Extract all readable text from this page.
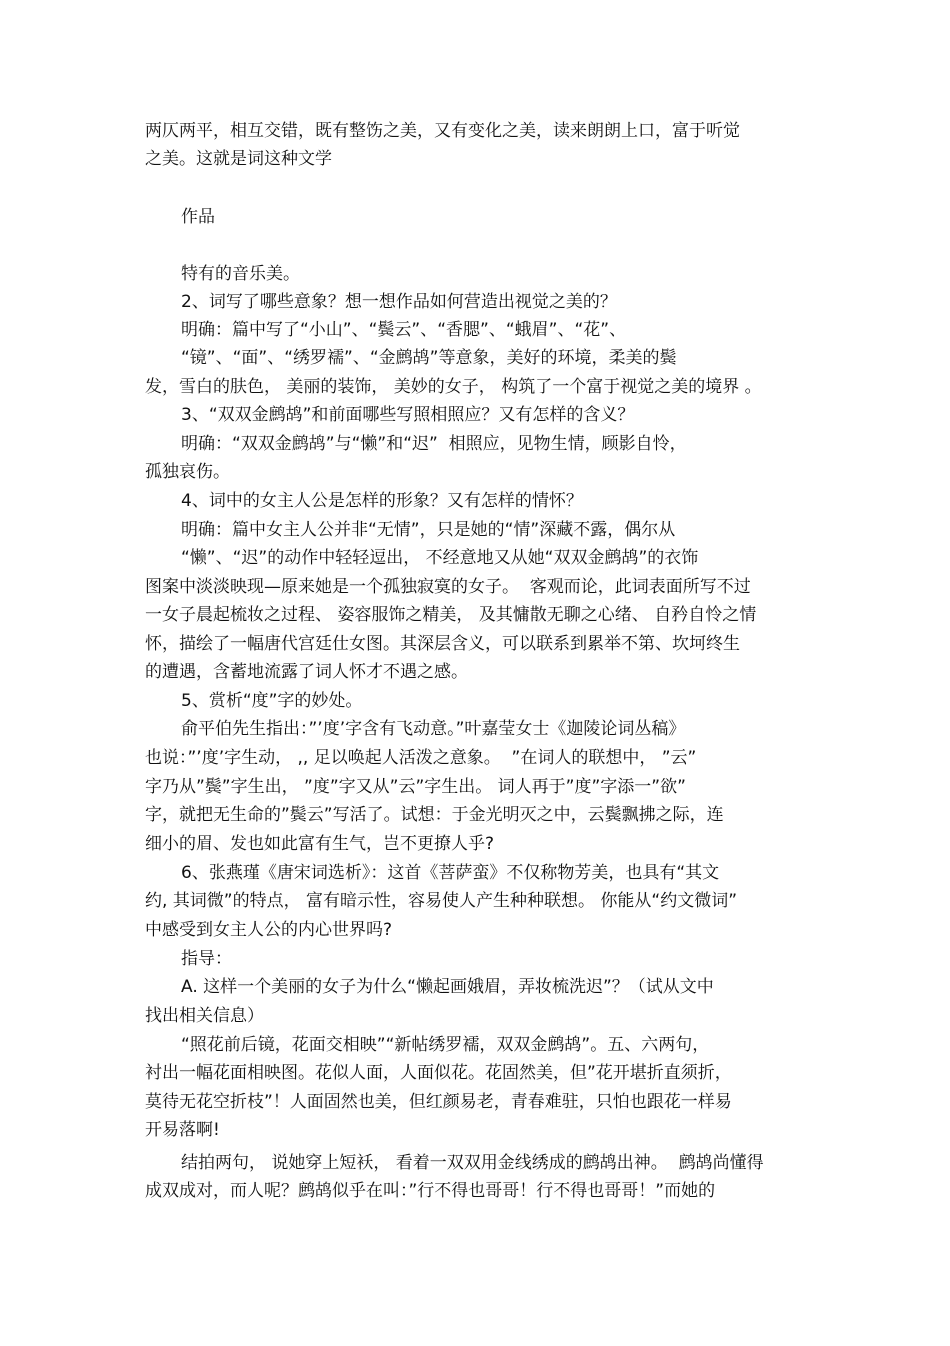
两仄两平，相互交错，既有整饬之美，又有变化之美，读来朗朗上口，富于听觉
之美。这就是词这种文学
作品
特有的音乐美。
2、词写了哪些意象？想一想作品如何营造出视觉之美的？
明确：篇中写了“小山”、“鬓云”、“香腮”、“蛾眉”、“花”、
“镜”、“面”、“绣罗襦”、“金鹧鸪”等意象，美好的环境，柔美的鬓
发，雪白的肤色， 美丽的装饰， 美妙的女子， 构筑了一个富于视觉之美的境界 。
3、“双双金鹧鸪”和前面哪些写照相照应？又有怎样的含义？
明确：“双双金鹧鸪”与“懒”和“迟”  相照应，见物生情，顾影自怜，
孤独哀伤。
4、词中的女主人公是怎样的形象？又有怎样的情怀？
明确：篇中女主人公并非“无情”，只是她的“情”深藏不露，偶尔从
“懒”、“迟”的动作中轻轻逗出， 不经意地又从她“双双金鹧鸪”的衣饰
图案中淡淡映现—原来她是一个孤独寂寞的女子。  客观而论，此词表面所写不过
一女子晨起梳妆之过程、 姿容服饰之精美， 及其慵散无聊之心绪、 自矜自怜之情
怀，描绘了一幅唐代宫廷仕女图。其深层含义，可以联系到累举不第、坎坷终生
的遭遇，含蓄地流露了词人怀才不遇之感。
5、赏析“度”字的妙处。
俞平伯先生指出：”’度’字含有飞动意。”叶嘉莹女士《迦陵论词丛稿》
也说：”’度’字生动， ,, 足以唤起人活泼之意象。  ”在词人的联想中， ”云”
字乃从”鬓”字生出， ”度”字又从”云”字生出。 词人再于”度”字添一”欲”
字，就把无生命的”鬓云”写活了。试想：于金光明灭之中，云鬓飘拂之际，连
细小的眉、发也如此富有生气，岂不更撩人乎?
6、张燕瑾《唐宋词选析》：这首《菩萨蛮》不仅称物芳美，也具有“其文
约, 其词微”的特点， 富有暗示性，容易使人产生种种联想。 你能从“约文微词”
中感受到女主人公的内心世界吗?
指导：
A. 这样一个美丽的女子为什么“懒起画娥眉，弄妆梳洗迟”？（试从文中
找出相关信息）
“照花前后镜，花面交相映”“新帖绣罗襦，双双金鹧鸪”。五、六两句，
衬出一幅花面相映图。花似人面，人面似花。花固然美，但”花开堪折直须折，
莫待无花空折枝”！人面固然也美，但红颜易老，青春难驻，只怕也跟花一样易
开易落啊!
结拍两句， 说她穿上短袄， 看着一双双用金线绣成的鹧鸪出神。  鹧鸪尚懂得
成双成对，而人呢？鹧鸪似乎在叫：”行不得也哥哥！行不得也哥哥！”而她的
